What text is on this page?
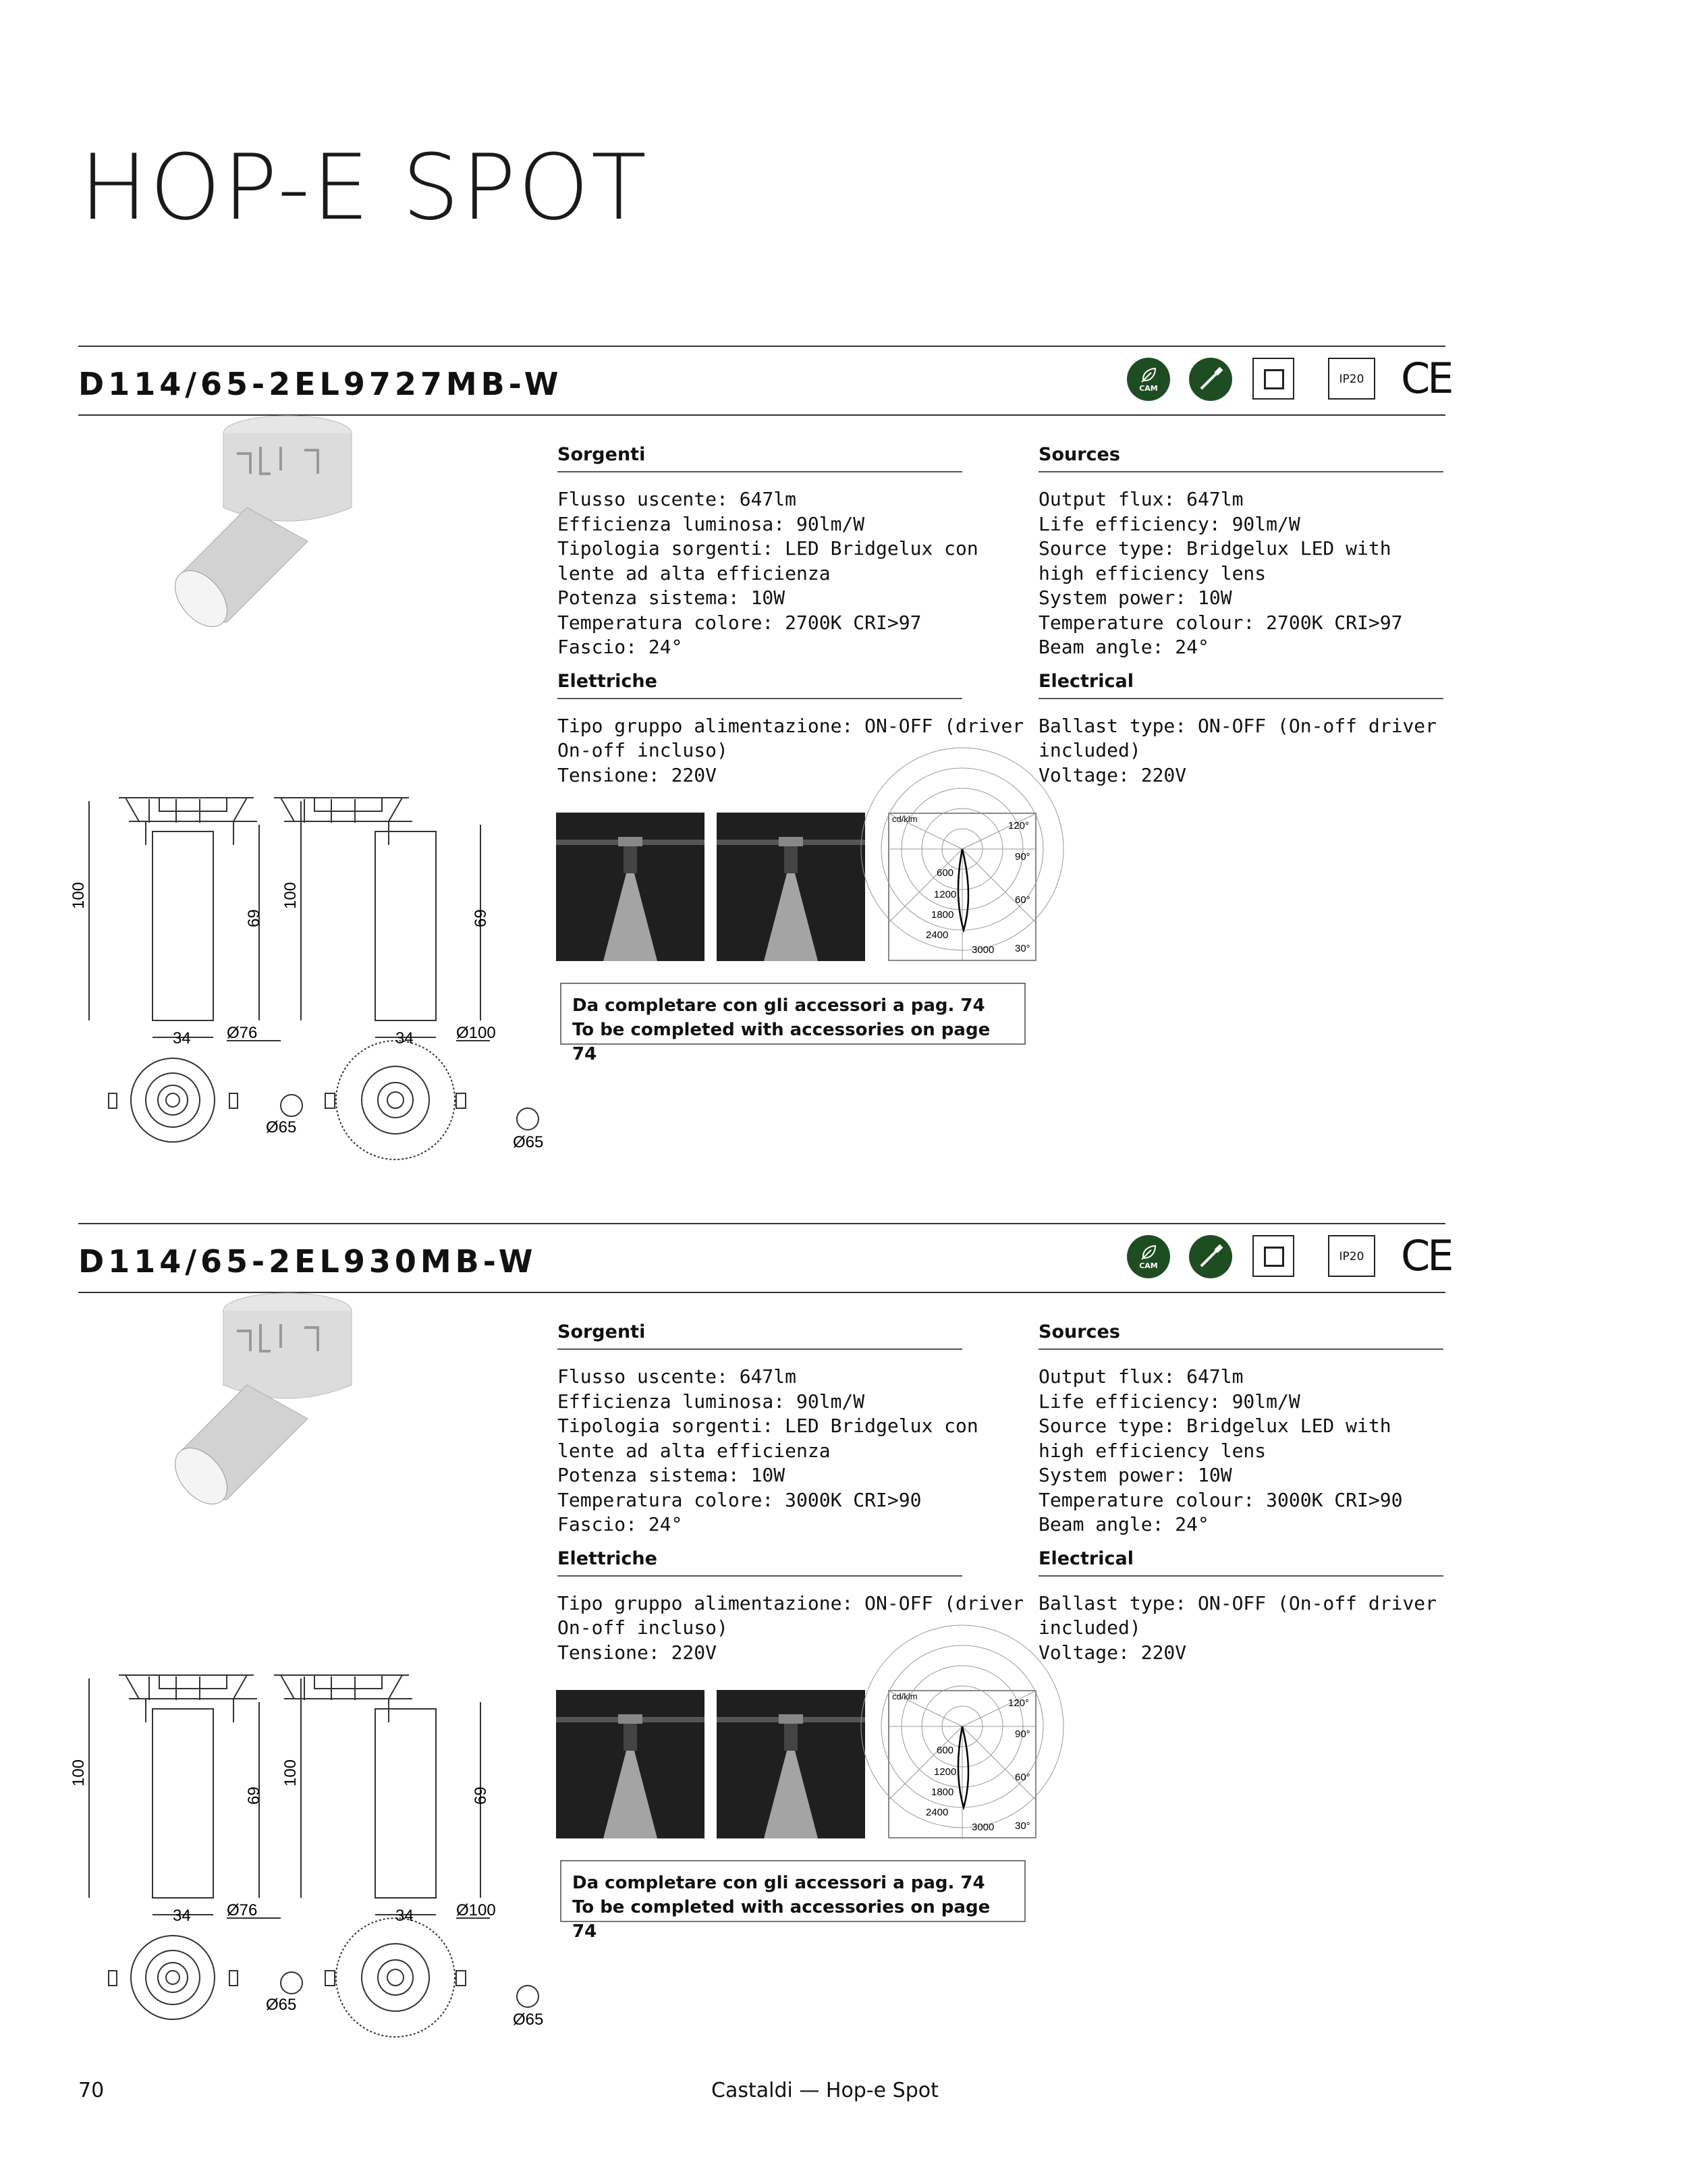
HOP-E SPOT
D114/65-2EL9727MB-W	CAM
IP20 CE
100
69
100
69
34	34
Ø76	Ø100
Ø65
Ø65
Sorgenti
Flusso uscente: 647lm
Efficienza luminosa: 90lm/W
Tipologia sorgenti: LED Bridgelux con
lente ad alta efficienza
Potenza sistema: 10W
Temperatura colore: 2700K CRI>97
Fascio: 24°
Elettriche
Tipo gruppo alimentazione: ON-OFF (driver
On-off incluso)
Tensione: 220V
Sources
Output flux: 647lm
Life efficiency: 90lm/W
Source type: Bridgelux LED with
high efficiency lens
System power: 10W
Temperature colour: 2700K CRI>97
Beam angle: 24°
Electrical
Ballast type: ON-OFF (On-off driver
included)
Voltage: 220V
cd/klm
120°
90°
60°
30°
600
1200
1800
2400
3000
Da completare con gli accessori a pag. 74
To be completed with accessories on page 74
D114/65-2EL930MB-W	CAM
IP20 CE
100
69
100
69
34	34
Ø76	Ø100
Ø65
Ø65
Sorgenti
Flusso uscente: 647lm
Efficienza luminosa: 90lm/W
Tipologia sorgenti: LED Bridgelux con
lente ad alta efficienza
Potenza sistema: 10W
Temperatura colore: 3000K CRI>90
Fascio: 24°
Elettriche
Tipo gruppo alimentazione: ON-OFF (driver
On-off incluso)
Tensione: 220V
Sources
Output flux: 647lm
Life efficiency: 90lm/W
Source type: Bridgelux LED with
high efficiency lens
System power: 10W
Temperature colour: 3000K CRI>90
Beam angle: 24°
Electrical
Ballast type: ON-OFF (On-off driver
included)
Voltage: 220V
cd/klm
120°
90°
60°
30°
600
1200
1800
2400
3000
Da completare con gli accessori a pag. 74
To be completed with accessories on page 74
70	Castaldi — Hop-e Spot
